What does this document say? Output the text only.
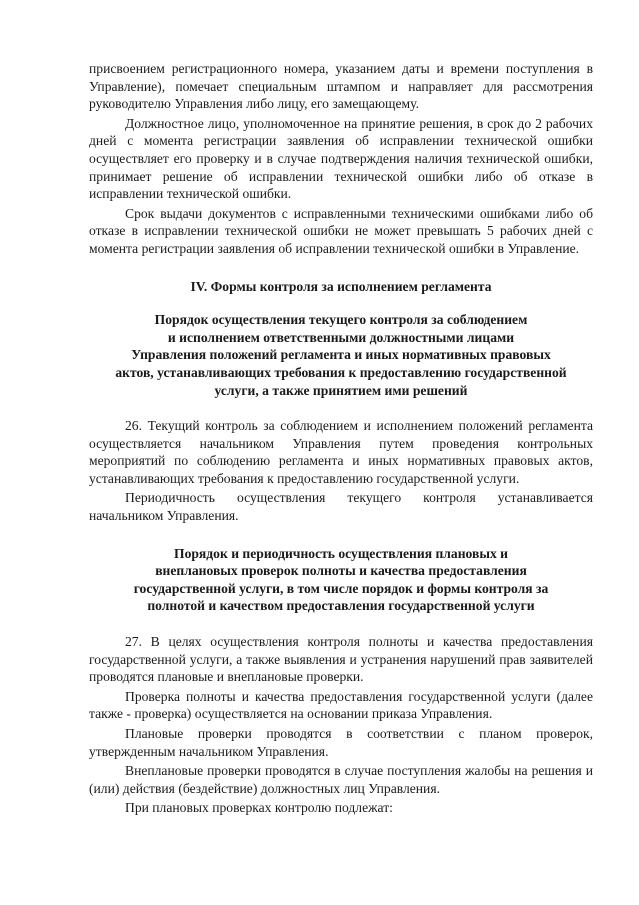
присвоением регистрационного номера, указанием даты и времени поступления в Управление), помечает специальным штампом и направляет для рассмотрения руководителю Управления либо лицу, его замещающему.

Должностное лицо, уполномоченное на принятие решения, в срок до 2 рабочих дней с момента регистрации заявления об исправлении технической ошибки осуществляет его проверку и в случае подтверждения наличия технической ошибки, принимает решение об исправлении технической ошибки либо об отказе в исправлении технической ошибки.

Срок выдачи документов с исправленными техническими ошибками либо об отказе в исправлении технической ошибки не может превышать 5 рабочих дней с момента регистрации заявления об исправлении технической ошибки в Управление.

IV. Формы контроля за исполнением регламента

Порядок осуществления текущего контроля за соблюдением
и исполнением ответственными должностными лицами
Управления положений регламента и иных нормативных правовых
актов, устанавливающих требования к предоставлению государственной
услуги, а также принятием ими решений

26. Текущий контроль за соблюдением и исполнением положений регламента осуществляется начальником Управления путем проведения контрольных мероприятий по соблюдению регламента и иных нормативных правовых актов, устанавливающих требования к предоставлению государственной услуги.

Периодичность осуществления текущего контроля устанавливается начальником Управления.

Порядок и периодичность осуществления плановых и
внеплановых проверок полноты и качества предоставления
государственной услуги, в том числе порядок и формы контроля за
полнотой и качеством предоставления государственной услуги

27. В целях осуществления контроля полноты и качества предоставления государственной услуги, а также выявления и устранения нарушений прав заявителей проводятся плановые и внеплановые проверки.

Проверка полноты и качества предоставления государственной услуги (далее также - проверка) осуществляется на основании приказа Управления.

Плановые проверки проводятся в соответствии с планом проверок, утвержденным начальником Управления.

Внеплановые проверки проводятся в случае поступления жалобы на решения и (или) действия (бездействие) должностных лиц Управления.

При плановых проверках контролю подлежат:
